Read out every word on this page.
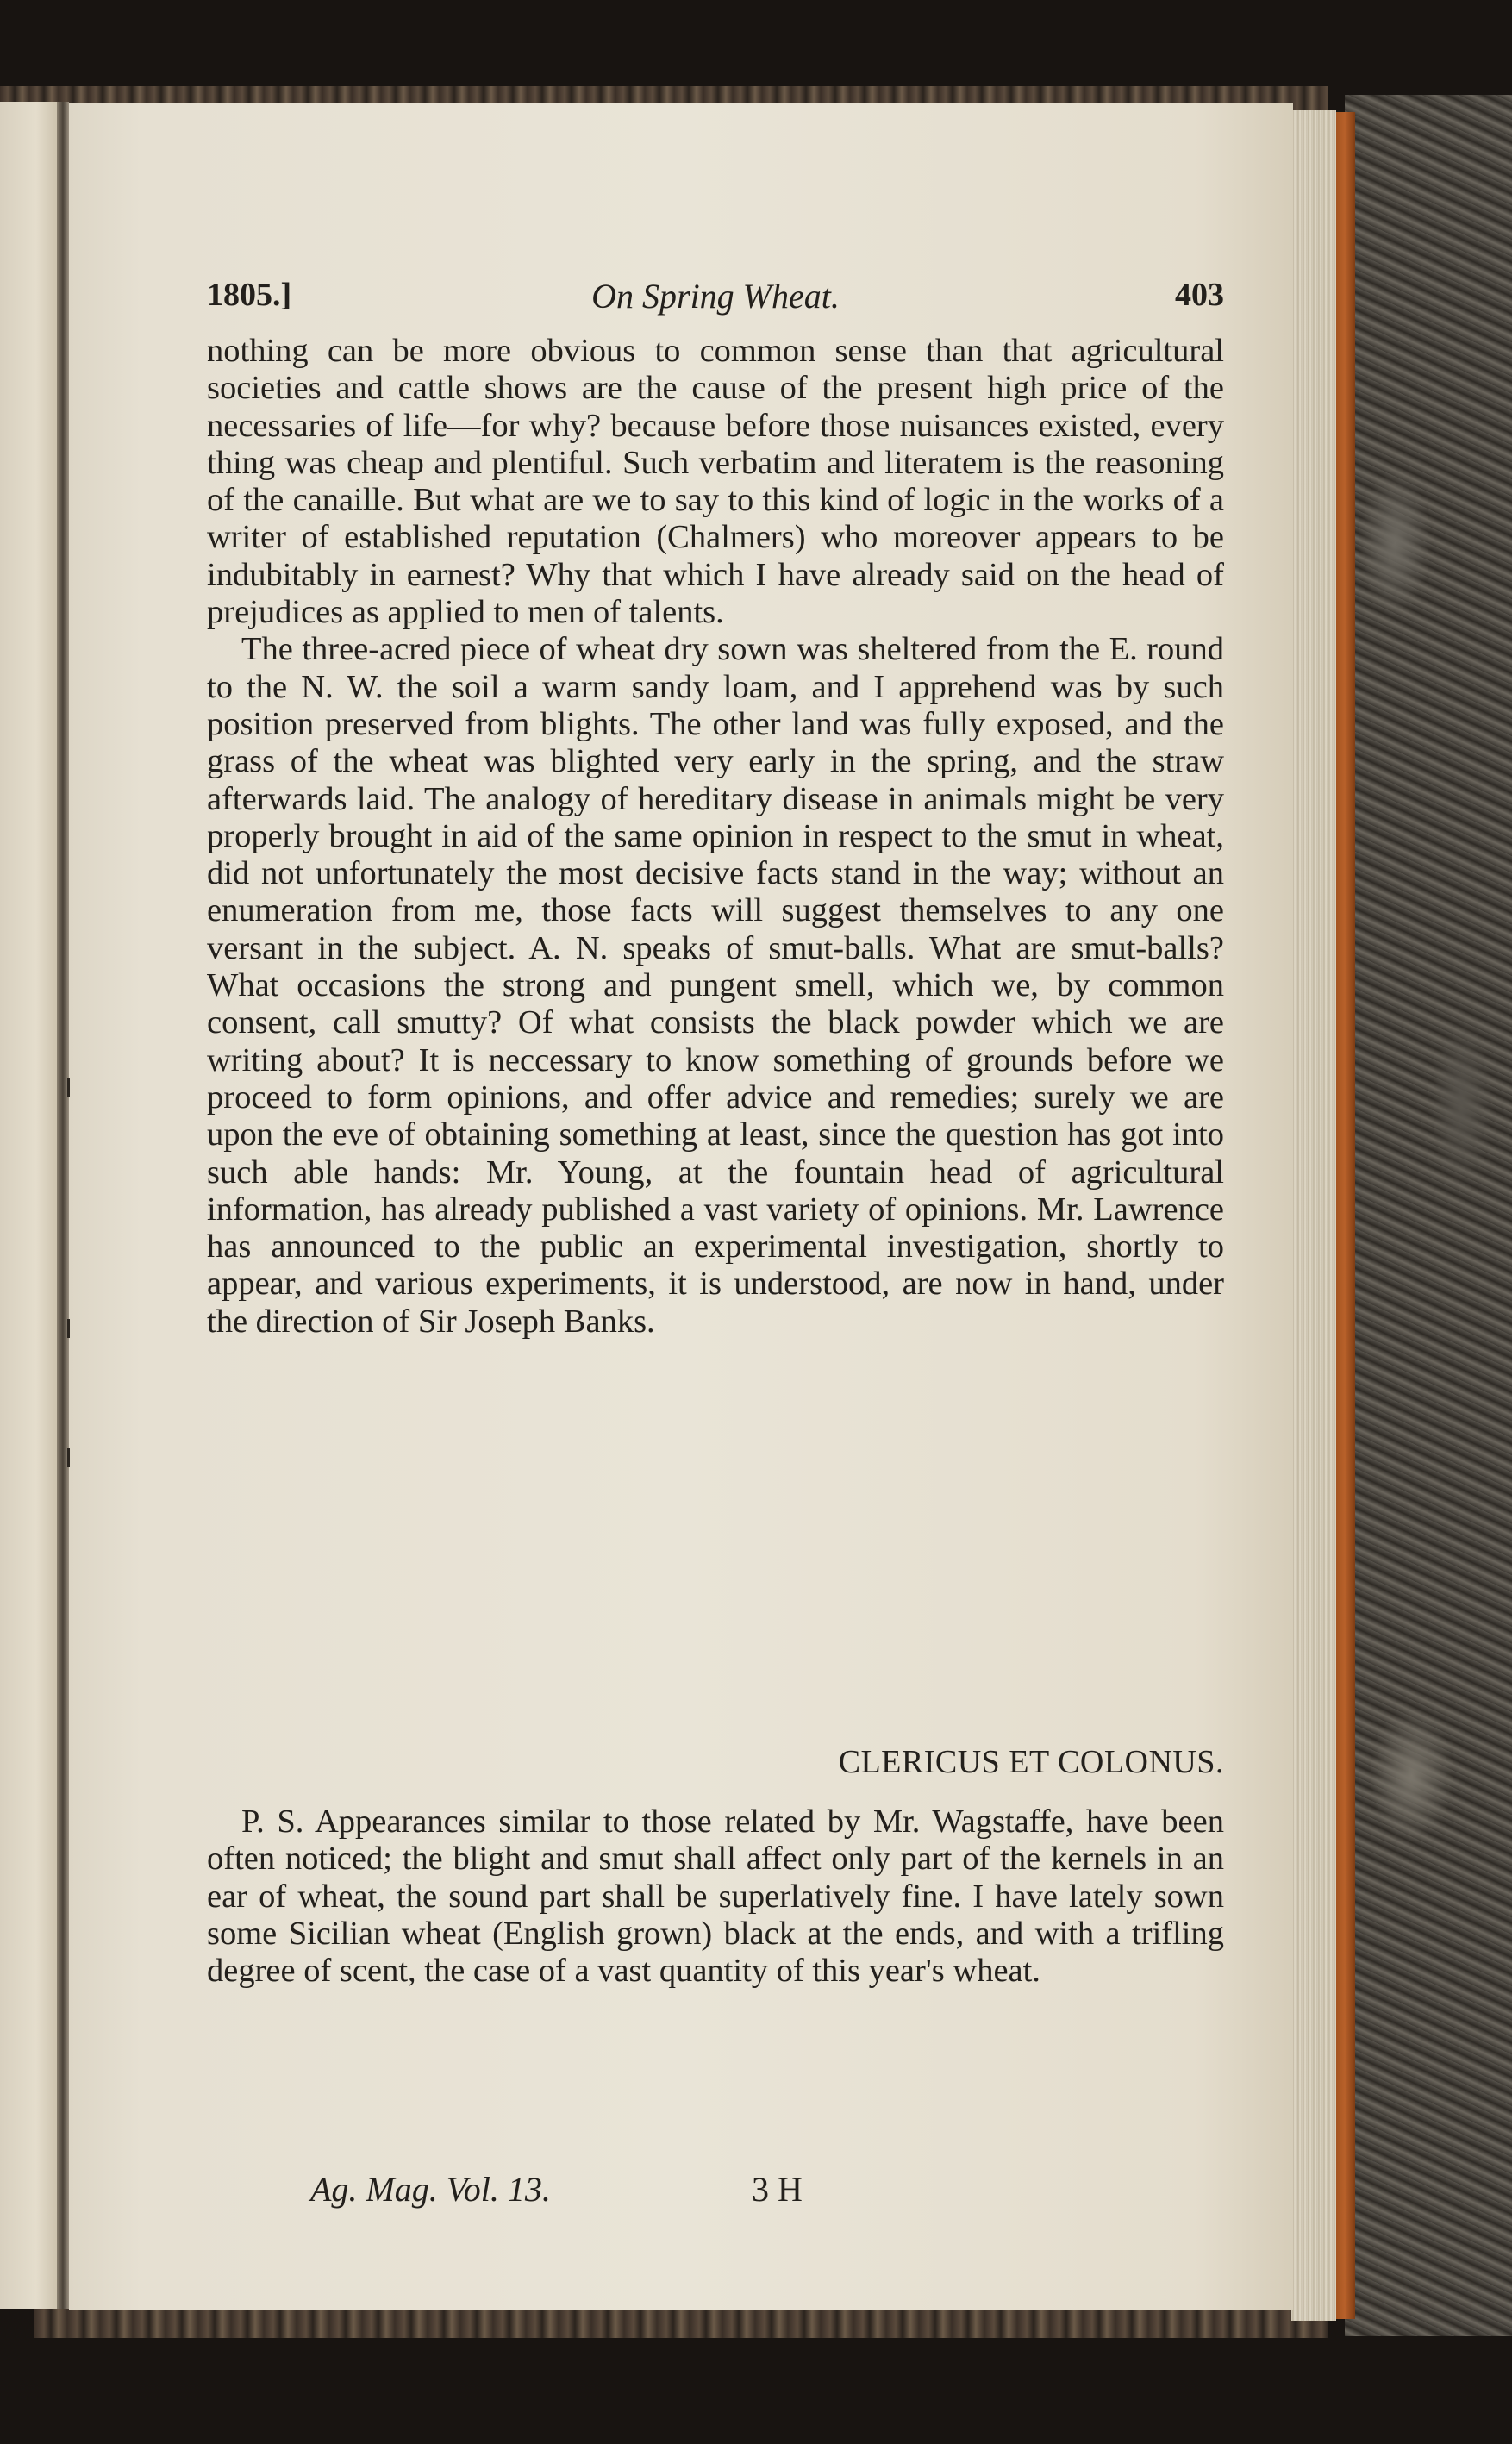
1805.]	On Spring Wheat.	403

nothing can be more obvious to common sense than that agricultural societies and cattle shows are the cause of the present high price of the necessaries of life—for why? because before those nuisances existed, every thing was cheap and plentiful. Such verbatim and literatem is the reasoning of the canaille. But what are we to say to this kind of logic in the works of a writer of established reputation (Chalmers) who moreover appears to be indubitably in earnest? Why that which I have already said on the head of prejudices as applied to men of talents.

The three-acred piece of wheat dry sown was sheltered from the E. round to the N. W. the soil a warm sandy loam, and I apprehend was by such position preserved from blights. The other land was fully exposed, and the grass of the wheat was blighted very early in the spring, and the straw afterwards laid. The analogy of hereditary disease in animals might be very properly brought in aid of the same opinion in respect to the smut in wheat, did not unfortunately the most decisive facts stand in the way; without an enumeration from me, those facts will suggest themselves to any one versant in the subject. A. N. speaks of smut-balls. What are smut-balls? What occasions the strong and pungent smell, which we, by common consent, call smutty? Of what consists the black powder which we are writing about? It is neccessary to know something of grounds before we proceed to form opinions, and offer advice and remedies; surely we are upon the eve of obtaining something at least, since the question has got into such able hands: Mr. Young, at the fountain head of agricultural information, has already published a vast variety of opinions. Mr. Lawrence has announced to the public an experimental investigation, shortly to appear, and various experiments, it is understood, are now in hand, under the direction of Sir Joseph Banks.

CLERICUS ET COLONUS.

P. S. Appearances similar to those related by Mr. Wagstaffe, have been often noticed; the blight and smut shall affect only part of the kernels in an ear of wheat, the sound part shall be superlatively fine. I have lately sown some Sicilian wheat (English grown) black at the ends, and with a trifling degree of scent, the case of a vast quantity of this year's wheat.

Ag. Mag. Vol. 13.	3 H
